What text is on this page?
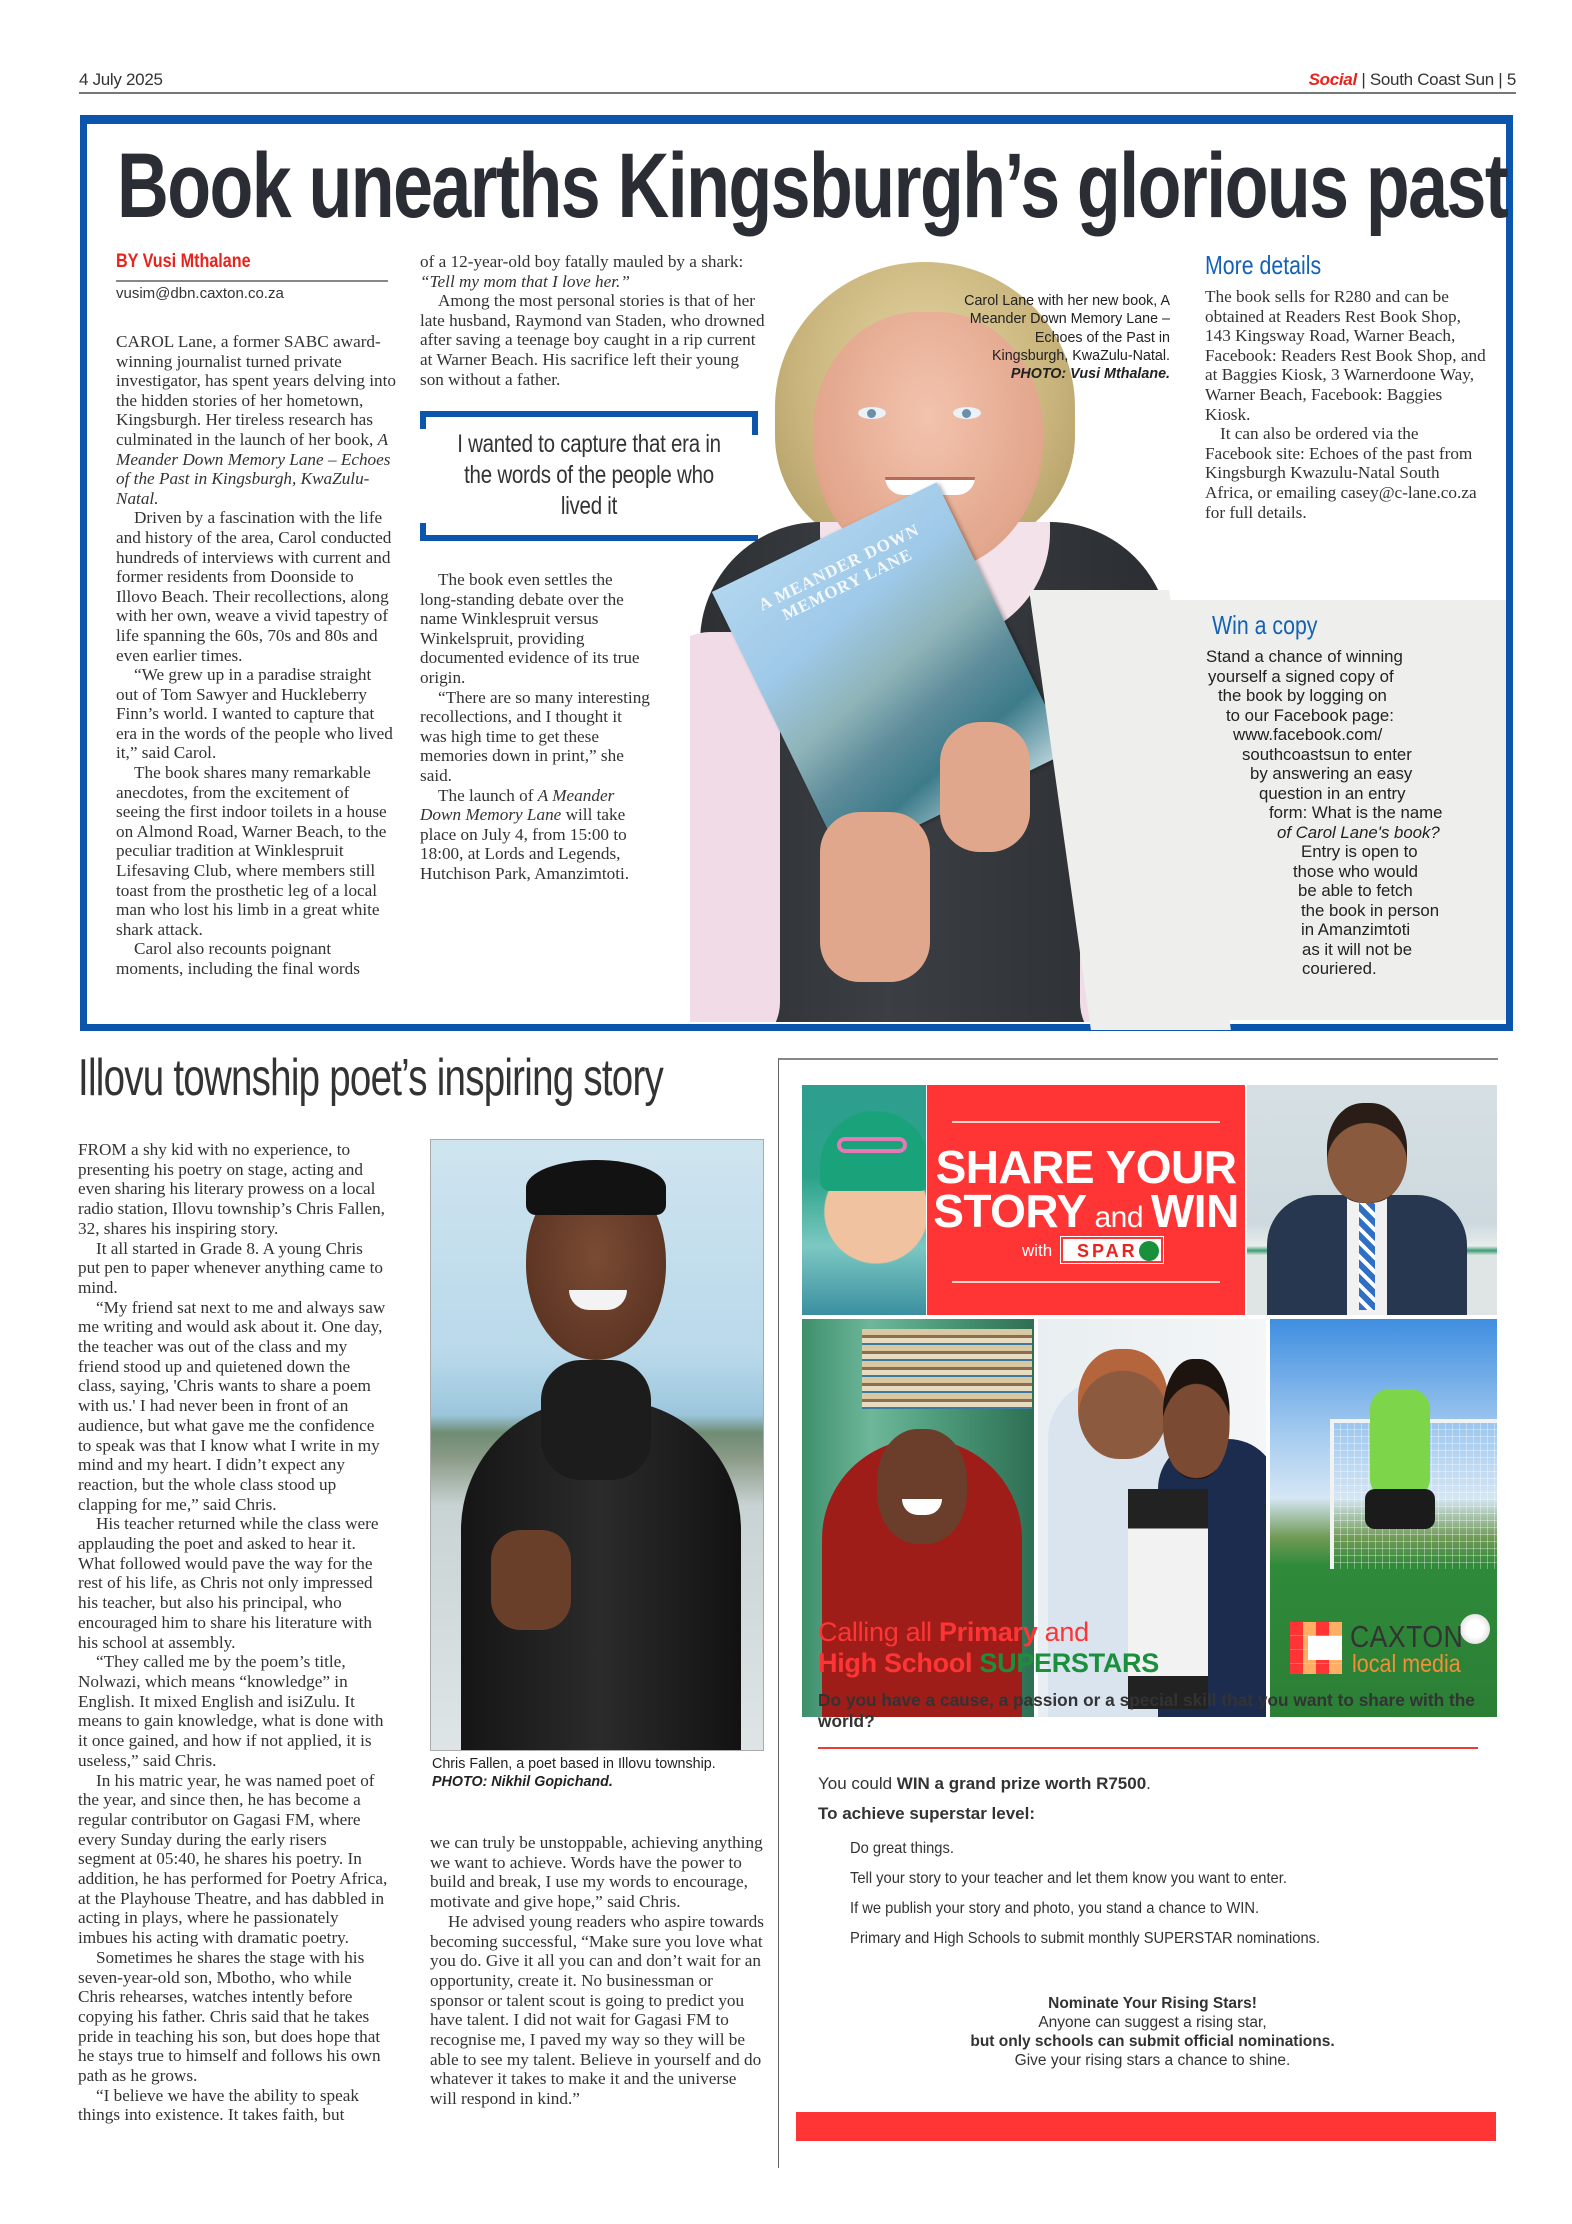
4 July 2025	Social | South Coast Sun | 5
Book unearths Kingsburgh’s glorious past
BY Vusi Mthalane
vusim@dbn.caxton.co.za

CAROL Lane, a former SABC award-winning journalist turned private investigator, has spent years delving into the hidden stories of her hometown, Kingsburgh. Her tireless research has culminated in the launch of her book, A Meander Down Memory Lane – Echoes of the Past in Kingsburgh, KwaZulu-Natal.

Driven by a fascination with the life and history of the area, Carol conducted hundreds of interviews with current and former residents from Doonside to Illovo Beach. Their recollections, along with her own, weave a vivid tapestry of life spanning the 60s, 70s and 80s and even earlier times.

“We grew up in a paradise straight out of Tom Sawyer and Huckleberry Finn’s world. I wanted to capture that era in the words of the people who lived it,” said Carol.

The book shares many remarkable anecdotes, from the excitement of seeing the first indoor toilets in a house on Almond Road, Warner Beach, to the peculiar tradition at Winklespruit Lifesaving Club, where members still toast from the prosthetic leg of a local man who lost his limb in a great white shark attack.

Carol also recounts poignant moments, including the final words

of a 12-year-old boy fatally mauled by a shark:

“Tell my mom that I love her.”

Among the most personal stories is that of her late husband, Raymond van Staden, who drowned after saving a teenage boy caught in a rip current at Warner Beach. His sacrifice left their young son without a father.

I wanted to capture that era in the words of the people who lived it

The book even settles the long-standing debate over the name Winklespruit versus Winkelspruit, providing documented evidence of its true origin.

“There are so many interesting recollections, and I thought it was high time to get these memories down in print,” she said.

The launch of A Meander Down Memory Lane will take place on July 4, from 15:00 to 18:00, at Lords and Legends, Hutchison Park, Amanzimtoti.

A MEANDER DOWN MEMORY LANE
Carol Lane with her new book, A Meander Down Memory Lane – Echoes of the Past in Kingsburgh, KwaZulu-Natal.
PHOTO: Vusi Mthalane.
More details

The book sells for R280 and can be obtained at Readers Rest Book Shop, 143 Kingsway Road, Warner Beach, Facebook: Readers Rest Book Shop, and at Baggies Kiosk, 3 Warnerdoone Way, Warner Beach, Facebook: Baggies Kiosk.

It can also be ordered via the Facebook site: Echoes of the past from Kingsburgh Kwazulu-Natal South Africa, or emailing casey@c-lane.co.za for full details.

Win a copy
Stand a chance of winning
yourself a signed copy of
the book by logging on
to our Facebook page:
www.facebook.com/
southcoastsun to enter
by answering an easy
question in an entry
form: What is the name
of Carol Lane's book?
Entry is open to
those who would
be able to fetch
the book in person
in Amanzimtoti
as it will not be
couriered.
Illovu township poet’s inspiring story

FROM a shy kid with no experience, to presenting his poetry on stage, acting and even sharing his literary prowess on a local radio station, Illovu township’s Chris Fallen, 32, shares his inspiring story.

It all started in Grade 8. A young Chris put pen to paper whenever anything came to mind.

“My friend sat next to me and always saw me writing and would ask about it. One day, the teacher was out of the class and my friend stood up and quietened down the class, saying, 'Chris wants to share a poem with us.' I had never been in front of an audience, but what gave me the confidence to speak was that I know what I write in my mind and my heart. I didn’t expect any reaction, but the whole class stood up clapping for me,” said Chris.

His teacher returned while the class were applauding the poet and asked to hear it. What followed would pave the way for the rest of his life, as Chris not only impressed his teacher, but also his principal, who encouraged him to share his literature with his school at assembly.

“They called me by the poem’s title, Nolwazi, which means “knowledge” in English. It mixed English and isiZulu. It means to gain knowledge, what is done with it once gained, and how if not applied, it is useless,” said Chris.

In his matric year, he was named poet of the year, and since then, he has become a regular contributor on Gagasi FM, where every Sunday during the early risers segment at 05:40, he shares his poetry. In addition, he has performed for Poetry Africa, at the Playhouse Theatre, and has dabbled in acting in plays, where he passionately imbues his acting with dramatic poetry.

Sometimes he shares the stage with his seven-year-old son, Mbotho, who while Chris rehearses, watches intently before copying his father. Chris said that he takes pride in teaching his son, but does hope that he stays true to himself and follows his own path as he grows.

“I believe we have the ability to speak things into existence. It takes faith, but

Chris Fallen, a poet based in Illovu township. PHOTO: Nikhil Gopichand.

we can truly be unstoppable, achieving anything we want to achieve. Words have the power to build and break, I use my words to encourage, motivate and give hope,” said Chris.

He advised young readers who aspire towards becoming successful, “Make sure you love what you do. Give it all you can and don’t wait for an opportunity, create it. No businessman or sponsor or talent scout is going to predict you have talent. I did not wait for Gagasi FM to recognise me, I paved my way so they will be able to see my talent. Believe in yourself and do whatever it takes to make it and the universe will respond in kind.”

SHARE YOUR
STORY and WIN
with SPAR
Calling all Primary and
High School SUPERSTARS
CAXTON
local media
Do you have a cause, a passion or a special skill that you want to share with the world?
You could WIN a grand prize worth R7500.
To achieve superstar level:
Do great things.
Tell your story to your teacher and let them know you want to enter.
If we publish your story and photo, you stand a chance to WIN.
Primary and High Schools to submit monthly SUPERSTAR nominations.
Nominate Your Rising Stars!
Anyone can suggest a rising star,
but only schools can submit official nominations.
Give your rising stars a chance to shine.
